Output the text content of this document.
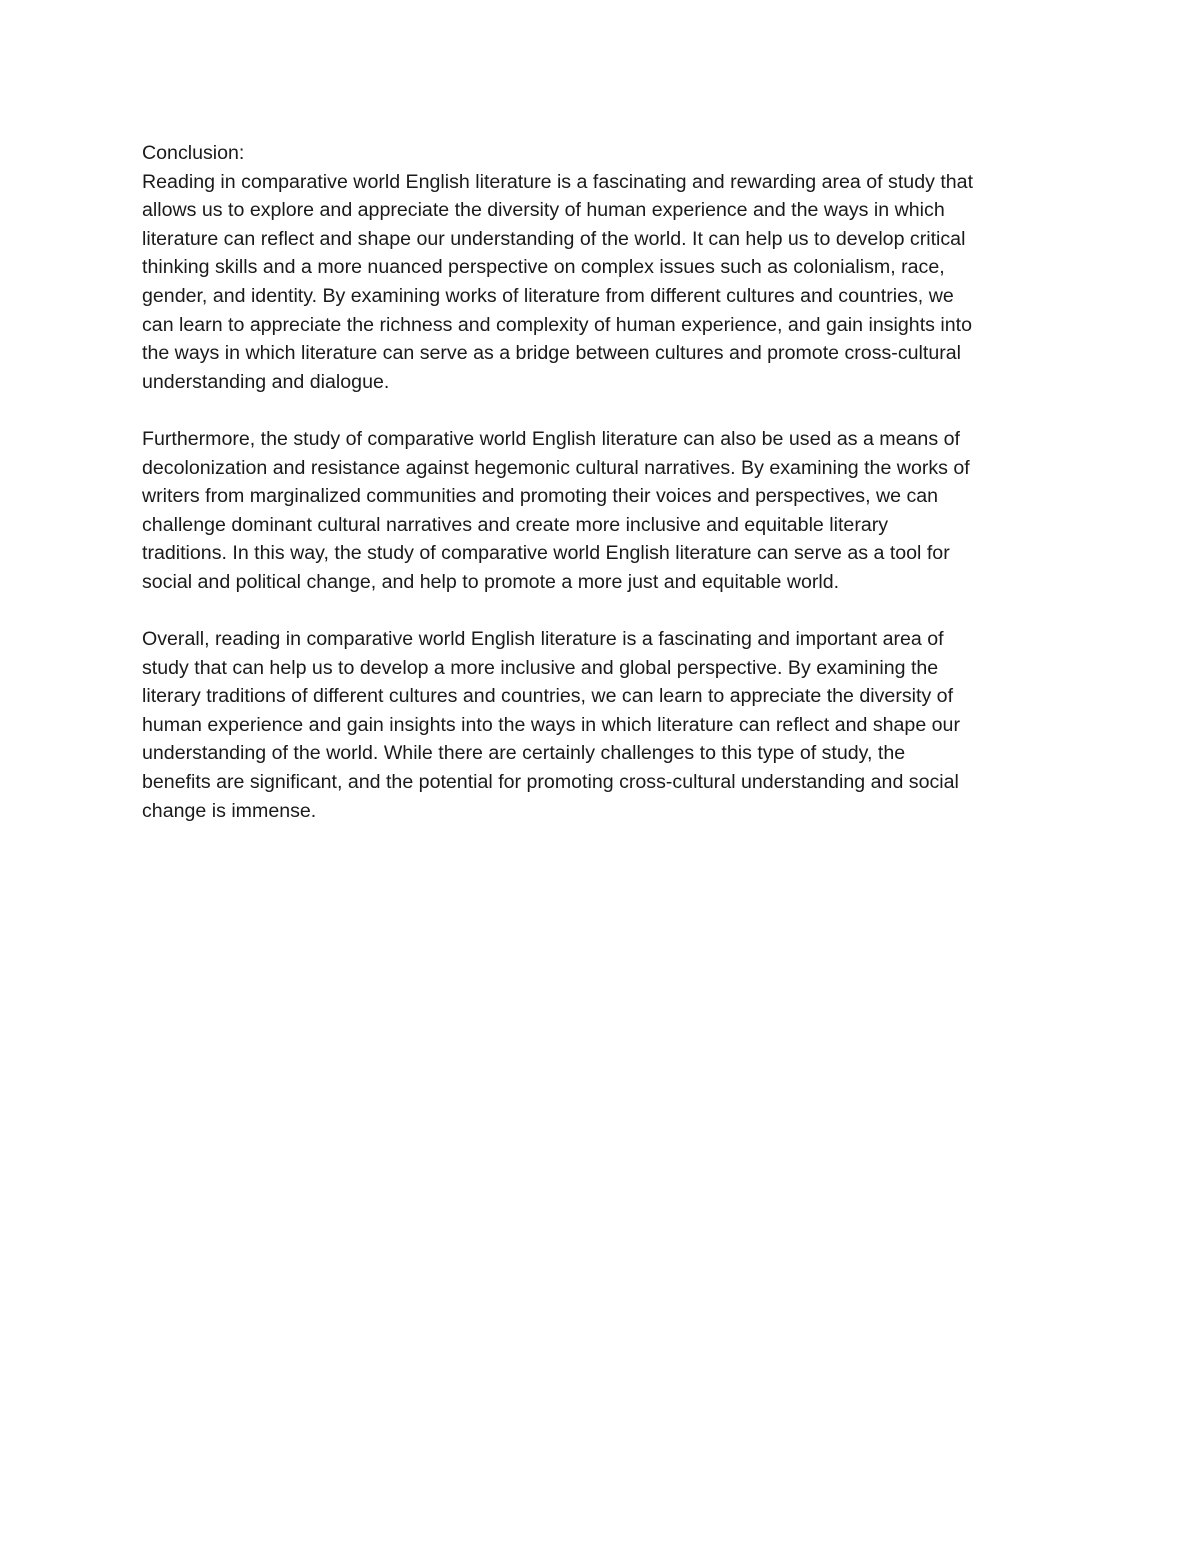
Conclusion:
Reading in comparative world English literature is a fascinating and rewarding area of study that
allows us to explore and appreciate the diversity of human experience and the ways in which
literature can reflect and shape our understanding of the world. It can help us to develop critical
thinking skills and a more nuanced perspective on complex issues such as colonialism, race,
gender, and identity. By examining works of literature from different cultures and countries, we
can learn to appreciate the richness and complexity of human experience, and gain insights into
the ways in which literature can serve as a bridge between cultures and promote cross-cultural
understanding and dialogue.
Furthermore, the study of comparative world English literature can also be used as a means of
decolonization and resistance against hegemonic cultural narratives. By examining the works of
writers from marginalized communities and promoting their voices and perspectives, we can
challenge dominant cultural narratives and create more inclusive and equitable literary
traditions. In this way, the study of comparative world English literature can serve as a tool for
social and political change, and help to promote a more just and equitable world.
Overall, reading in comparative world English literature is a fascinating and important area of
study that can help us to develop a more inclusive and global perspective. By examining the
literary traditions of different cultures and countries, we can learn to appreciate the diversity of
human experience and gain insights into the ways in which literature can reflect and shape our
understanding of the world. While there are certainly challenges to this type of study, the
benefits are significant, and the potential for promoting cross-cultural understanding and social
change is immense.
